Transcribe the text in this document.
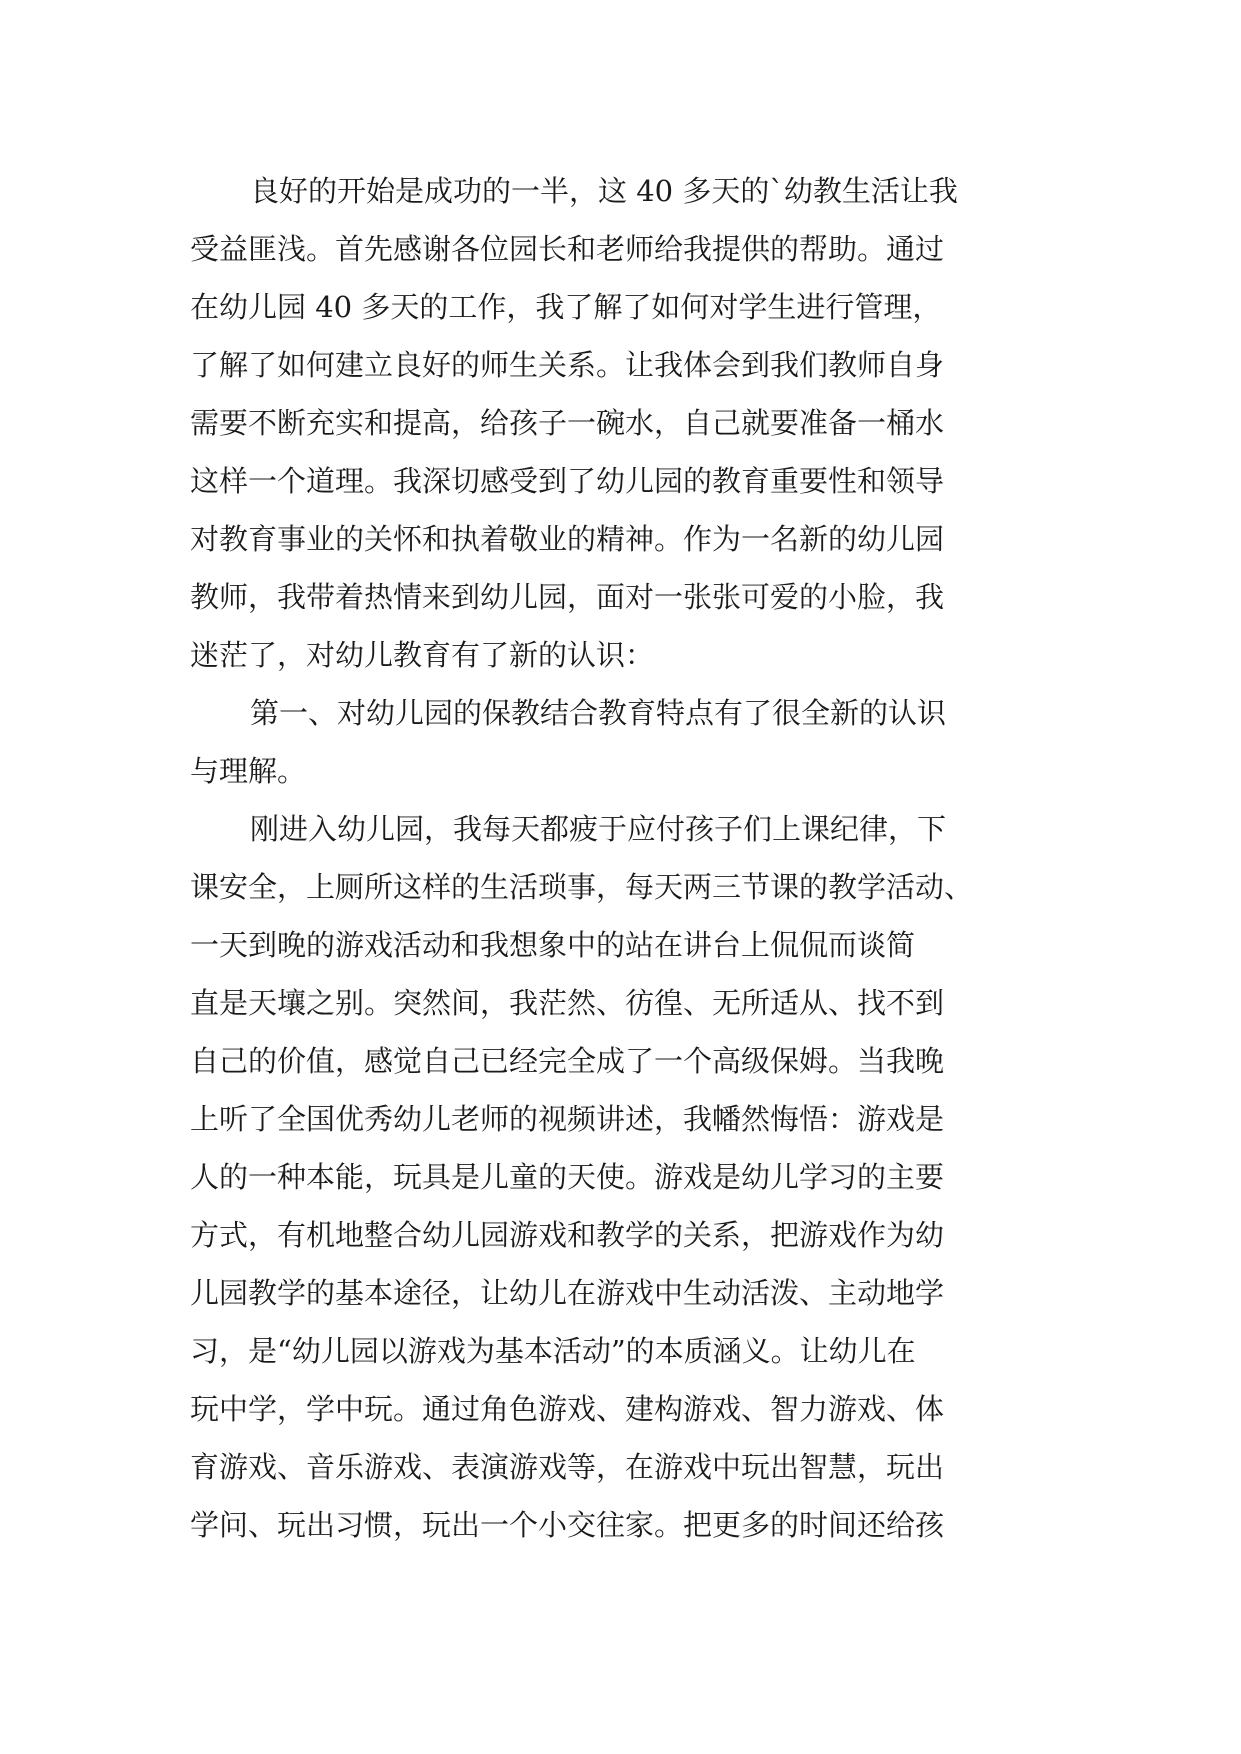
良好的开始是成功的一半，这 40 多天的`幼教生活让我
受益匪浅。首先感谢各位园长和老师给我提供的帮助。通过
在幼儿园 40 多天的工作，我了解了如何对学生进行管理，
了解了如何建立良好的师生关系。让我体会到我们教师自身
需要不断充实和提高，给孩子一碗水，自己就要准备一桶水
这样一个道理。我深切感受到了幼儿园的教育重要性和领导
对教育事业的关怀和执着敬业的精神。作为一名新的幼儿园
教师，我带着热情来到幼儿园，面对一张张可爱的小脸，我
迷茫了，对幼儿教育有了新的认识：
第一、对幼儿园的保教结合教育特点有了很全新的认识
与理解。
刚进入幼儿园，我每天都疲于应付孩子们上课纪律，下
课安全，上厕所这样的生活琐事，每天两三节课的教学活动、
一天到晚的游戏活动和我想象中的站在讲台上侃侃而谈简
直是天壤之别。突然间，我茫然、彷徨、无所适从、找不到
自己的价值，感觉自己已经完全成了一个高级保姆。当我晚
上听了全国优秀幼儿老师的视频讲述，我幡然悔悟：游戏是
人的一种本能，玩具是儿童的天使。游戏是幼儿学习的主要
方式，有机地整合幼儿园游戏和教学的关系，把游戏作为幼
儿园教学的基本途径，让幼儿在游戏中生动活泼、主动地学
习，是“幼儿园以游戏为基本活动”的本质涵义。让幼儿在
玩中学，学中玩。通过角色游戏、建构游戏、智力游戏、体
育游戏、音乐游戏、表演游戏等，在游戏中玩出智慧，玩出
学问、玩出习惯，玩出一个小交往家。把更多的时间还给孩
